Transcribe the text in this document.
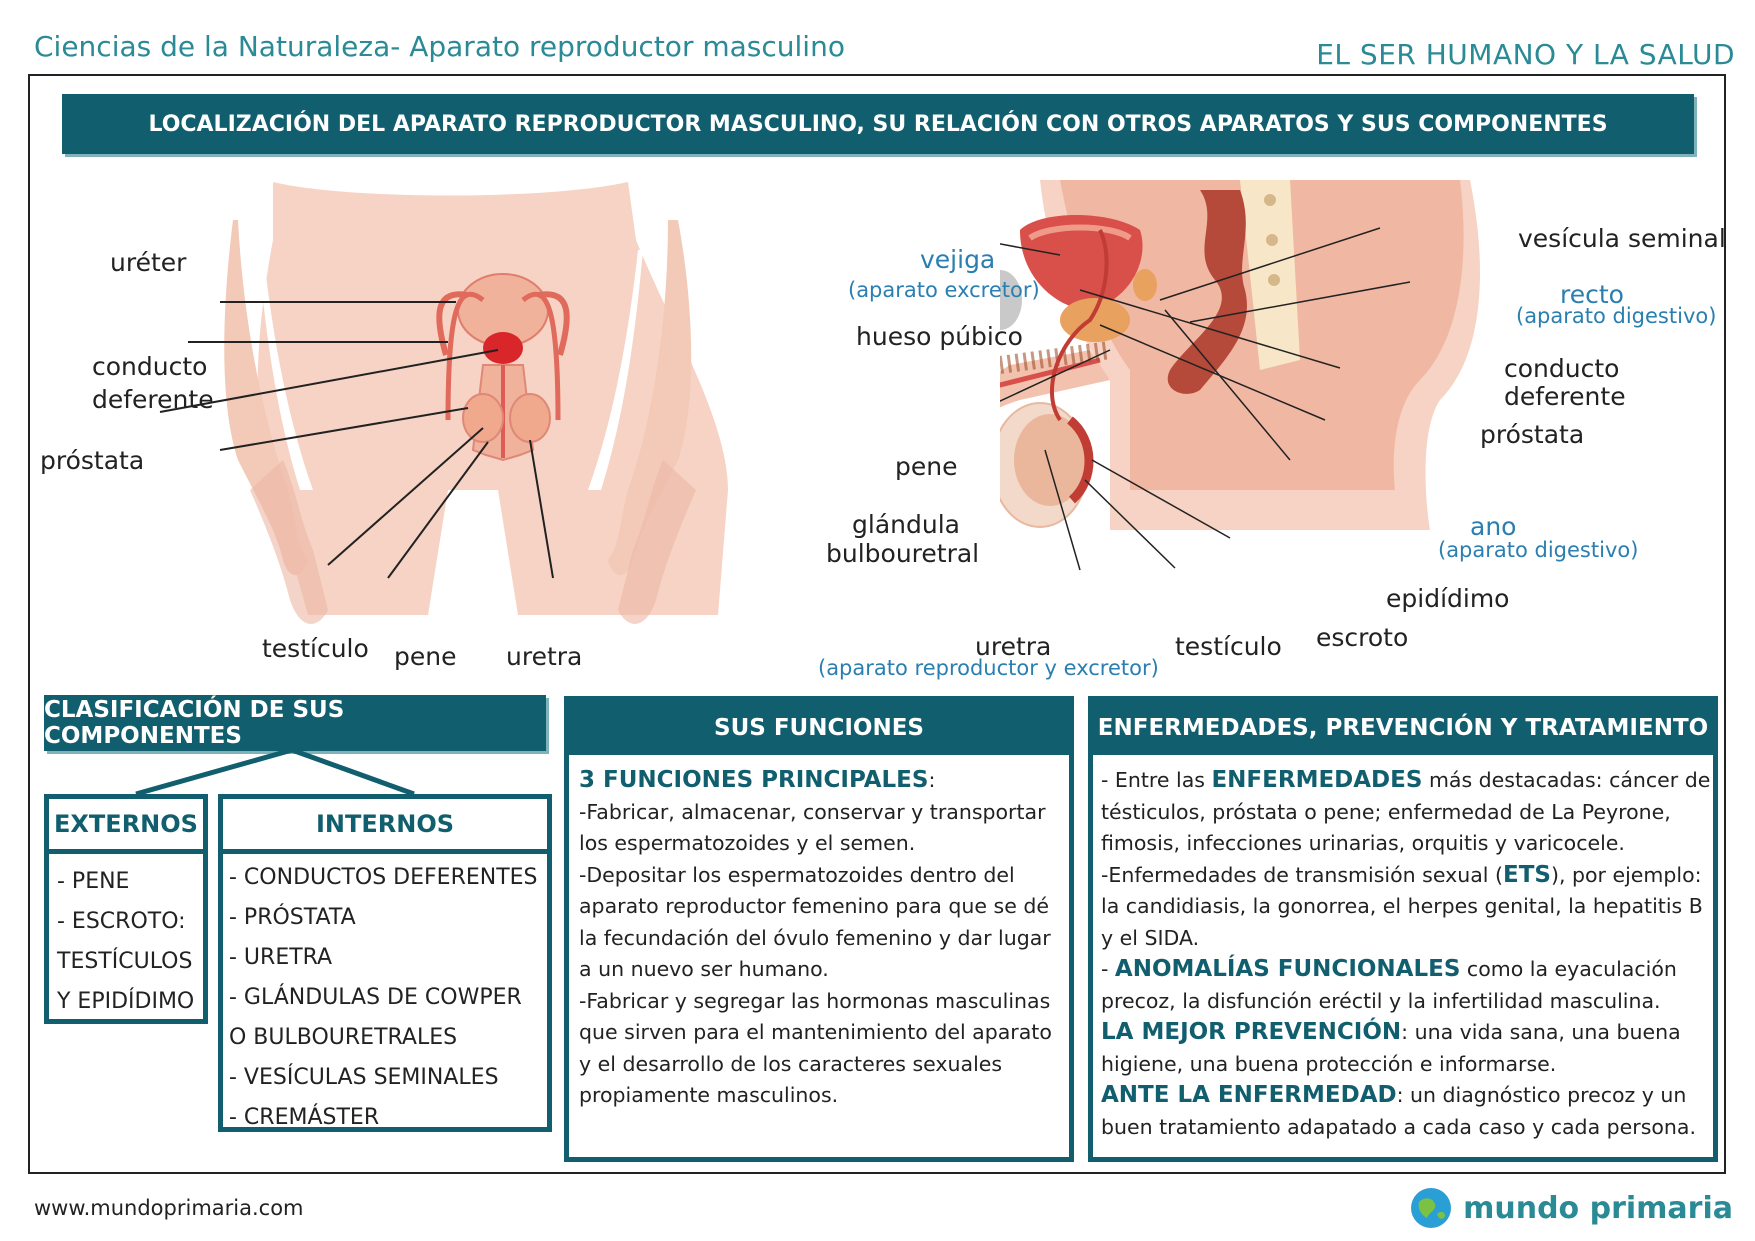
Ciencias de la Naturaleza- Aparato reproductor masculino	EL SER HUMANO Y LA SALUD
LOCALIZACIÓN DEL APARATO REPRODUCTOR MASCULINO, SU RELACIÓN CON OTROS APARATOS Y SUS COMPONENTES
uréter
conducto
deferente
próstata
testículo pene uretra
vejiga
(aparato excretor)
hueso púbico
pene
glándula
bulbouretral
uretra
(aparato reproductor y excretor)
testículo escroto
epidídimo
ano
(aparato digestivo)
próstata
conducto
deferente
recto
(aparato digestivo)
vesícula seminal
CLASIFICACIÓN DE SUS COMPONENTES
EXTERNOS
- PENE
- ESCROTO:
TESTÍCULOS
Y EPIDÍDIMO
INTERNOS
- CONDUCTOS DEFERENTES
- PRÓSTATA
- URETRA
- GLÁNDULAS DE COWPER
O BULBOURETRALES
- VESÍCULAS SEMINALES
- CREMÁSTER
SUS FUNCIONES
3 FUNCIONES PRINCIPALES:
-Fabricar, almacenar, conservar y transportar
los espermatozoides y el semen.
-Depositar los espermatozoides dentro del
aparato reproductor femenino para que se dé
la fecundación del óvulo femenino y dar lugar
a un nuevo ser humano.
-Fabricar y segregar las hormonas masculinas
que sirven para el mantenimiento del aparato
y el desarrollo de los caracteres sexuales
propiamente masculinos.
ENFERMEDADES, PREVENCIÓN Y TRATAMIENTO
- Entre las ENFERMEDADES más destacadas: cáncer de
tésticulos, próstata o pene; enfermedad de La Peyrone,
fimosis, infecciones urinarias, orquitis y varicocele.
-Enfermedades de transmisión sexual (ETS), por ejemplo:
la candidiasis, la gonorrea, el herpes genital, la hepatitis B
y el SIDA.
- ANOMALÍAS FUNCIONALES como la eyaculación
precoz, la disfunción eréctil y la infertilidad masculina.
LA MEJOR PREVENCIÓN: una vida sana, una buena
higiene, una buena protección e informarse.
ANTE LA ENFERMEDAD: un diagnóstico precoz y un
buen tratamiento adapatado a cada caso y cada persona.
www.mundoprimaria.com	mundo primaria
